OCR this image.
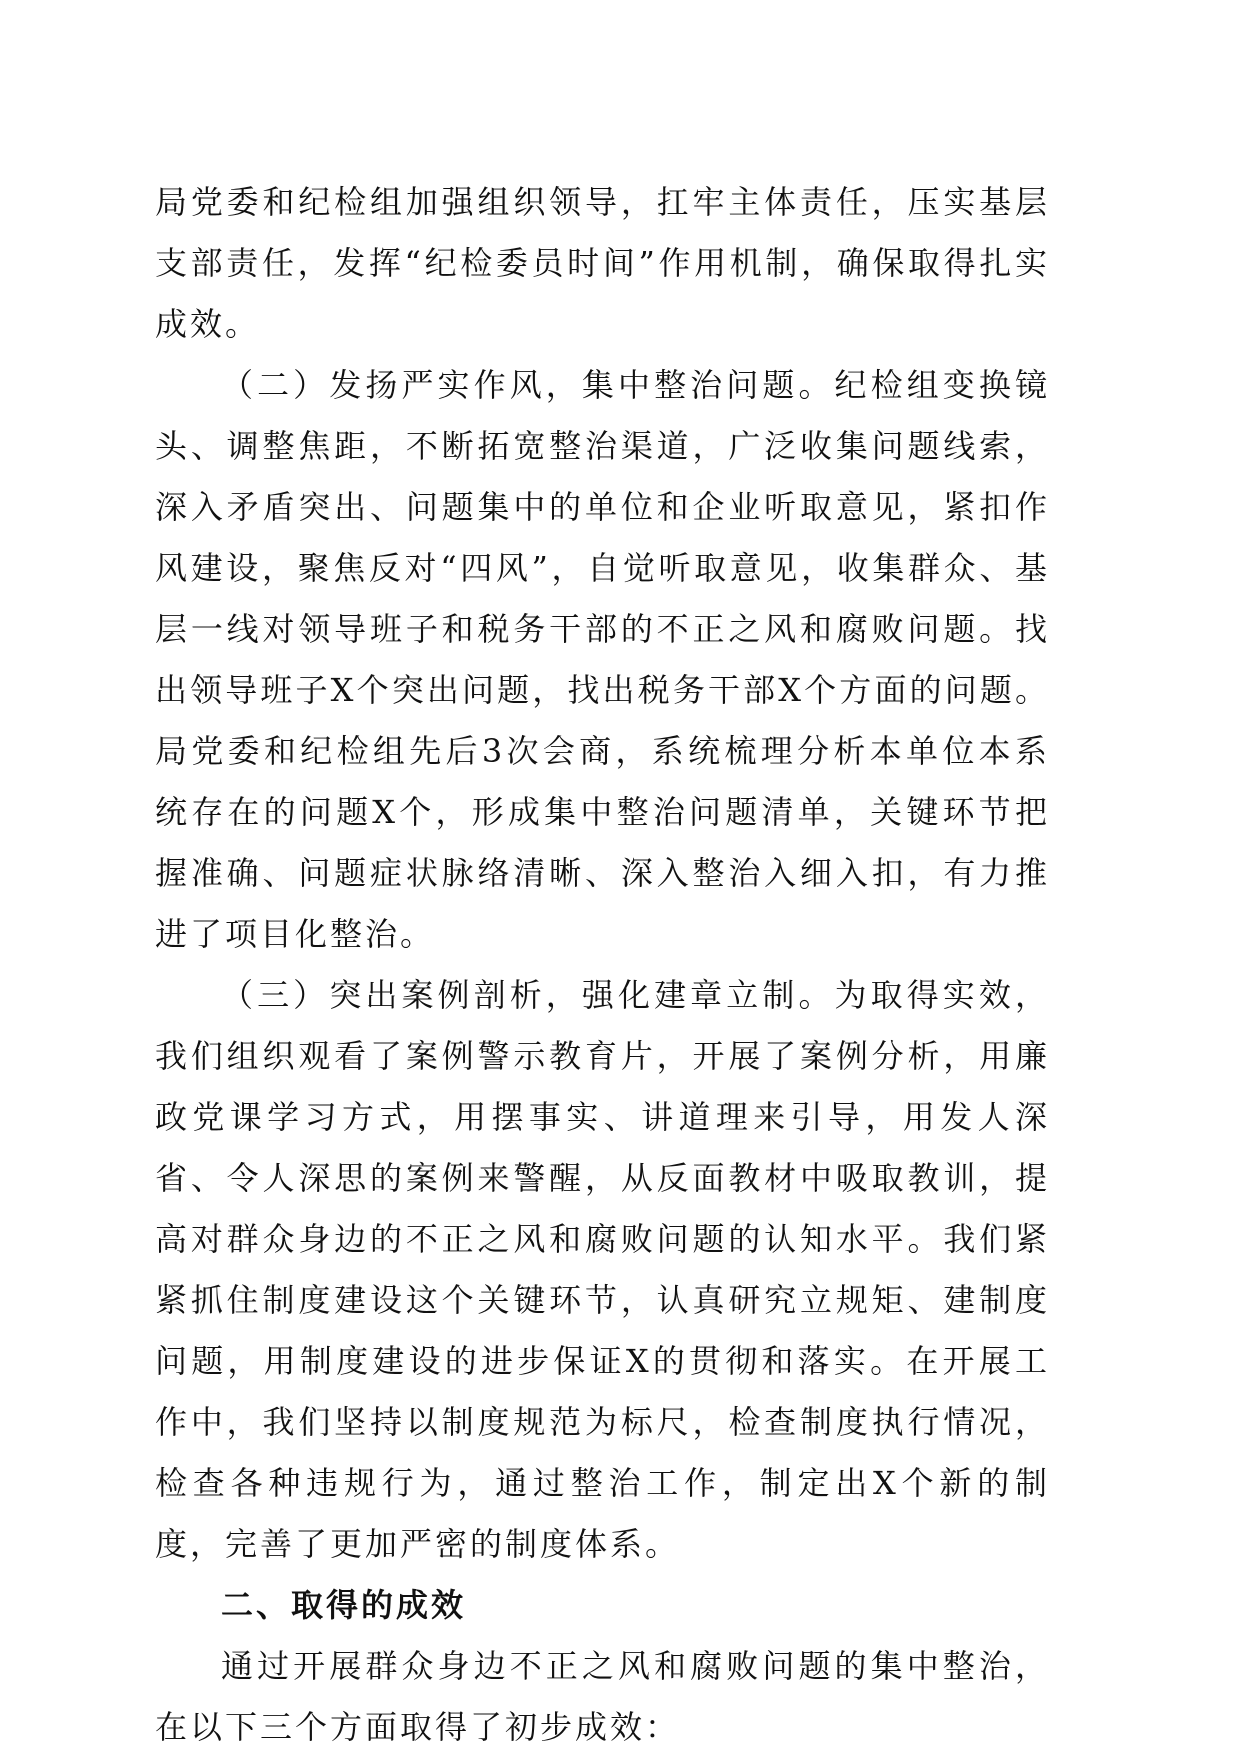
局党委和纪检组加强组织领导，扛牢主体责任，压实基层支部责任，发挥“纪检委员时间”作用机制，确保取得扎实成效。

（二）发扬严实作风，集中整治问题。纪检组变换镜头、调整焦距，不断拓宽整治渠道，广泛收集问题线索，深入矛盾突出、问题集中的单位和企业听取意见，紧扣作风建设，聚焦反对“四风”，自觉听取意见，收集群众、基层一线对领导班子和税务干部的不正之风和腐败问题。找出领导班子X个突出问题，找出税务干部X个方面的问题。局党委和纪检组先后3次会商，系统梳理分析本单位本系统存在的问题X个，形成集中整治问题清单，关键环节把握准确、问题症状脉络清晰、深入整治入细入扣，有力推进了项目化整治。

（三）突出案例剖析，强化建章立制。为取得实效，我们组织观看了案例警示教育片，开展了案例分析，用廉政党课学习方式，用摆事实、讲道理来引导，用发人深省、令人深思的案例来警醒，从反面教材中吸取教训，提高对群众身边的不正之风和腐败问题的认知水平。我们紧紧抓住制度建设这个关键环节，认真研究立规矩、建制度问题，用制度建设的进步保证X的贯彻和落实。在开展工作中，我们坚持以制度规范为标尺，检查制度执行情况，检查各种违规行为，通过整治工作，制定出X个新的制度，完善了更加严密的制度体系。

二、取得的成效

通过开展群众身边不正之风和腐败问题的集中整治，在以下三个方面取得了初步成效：
